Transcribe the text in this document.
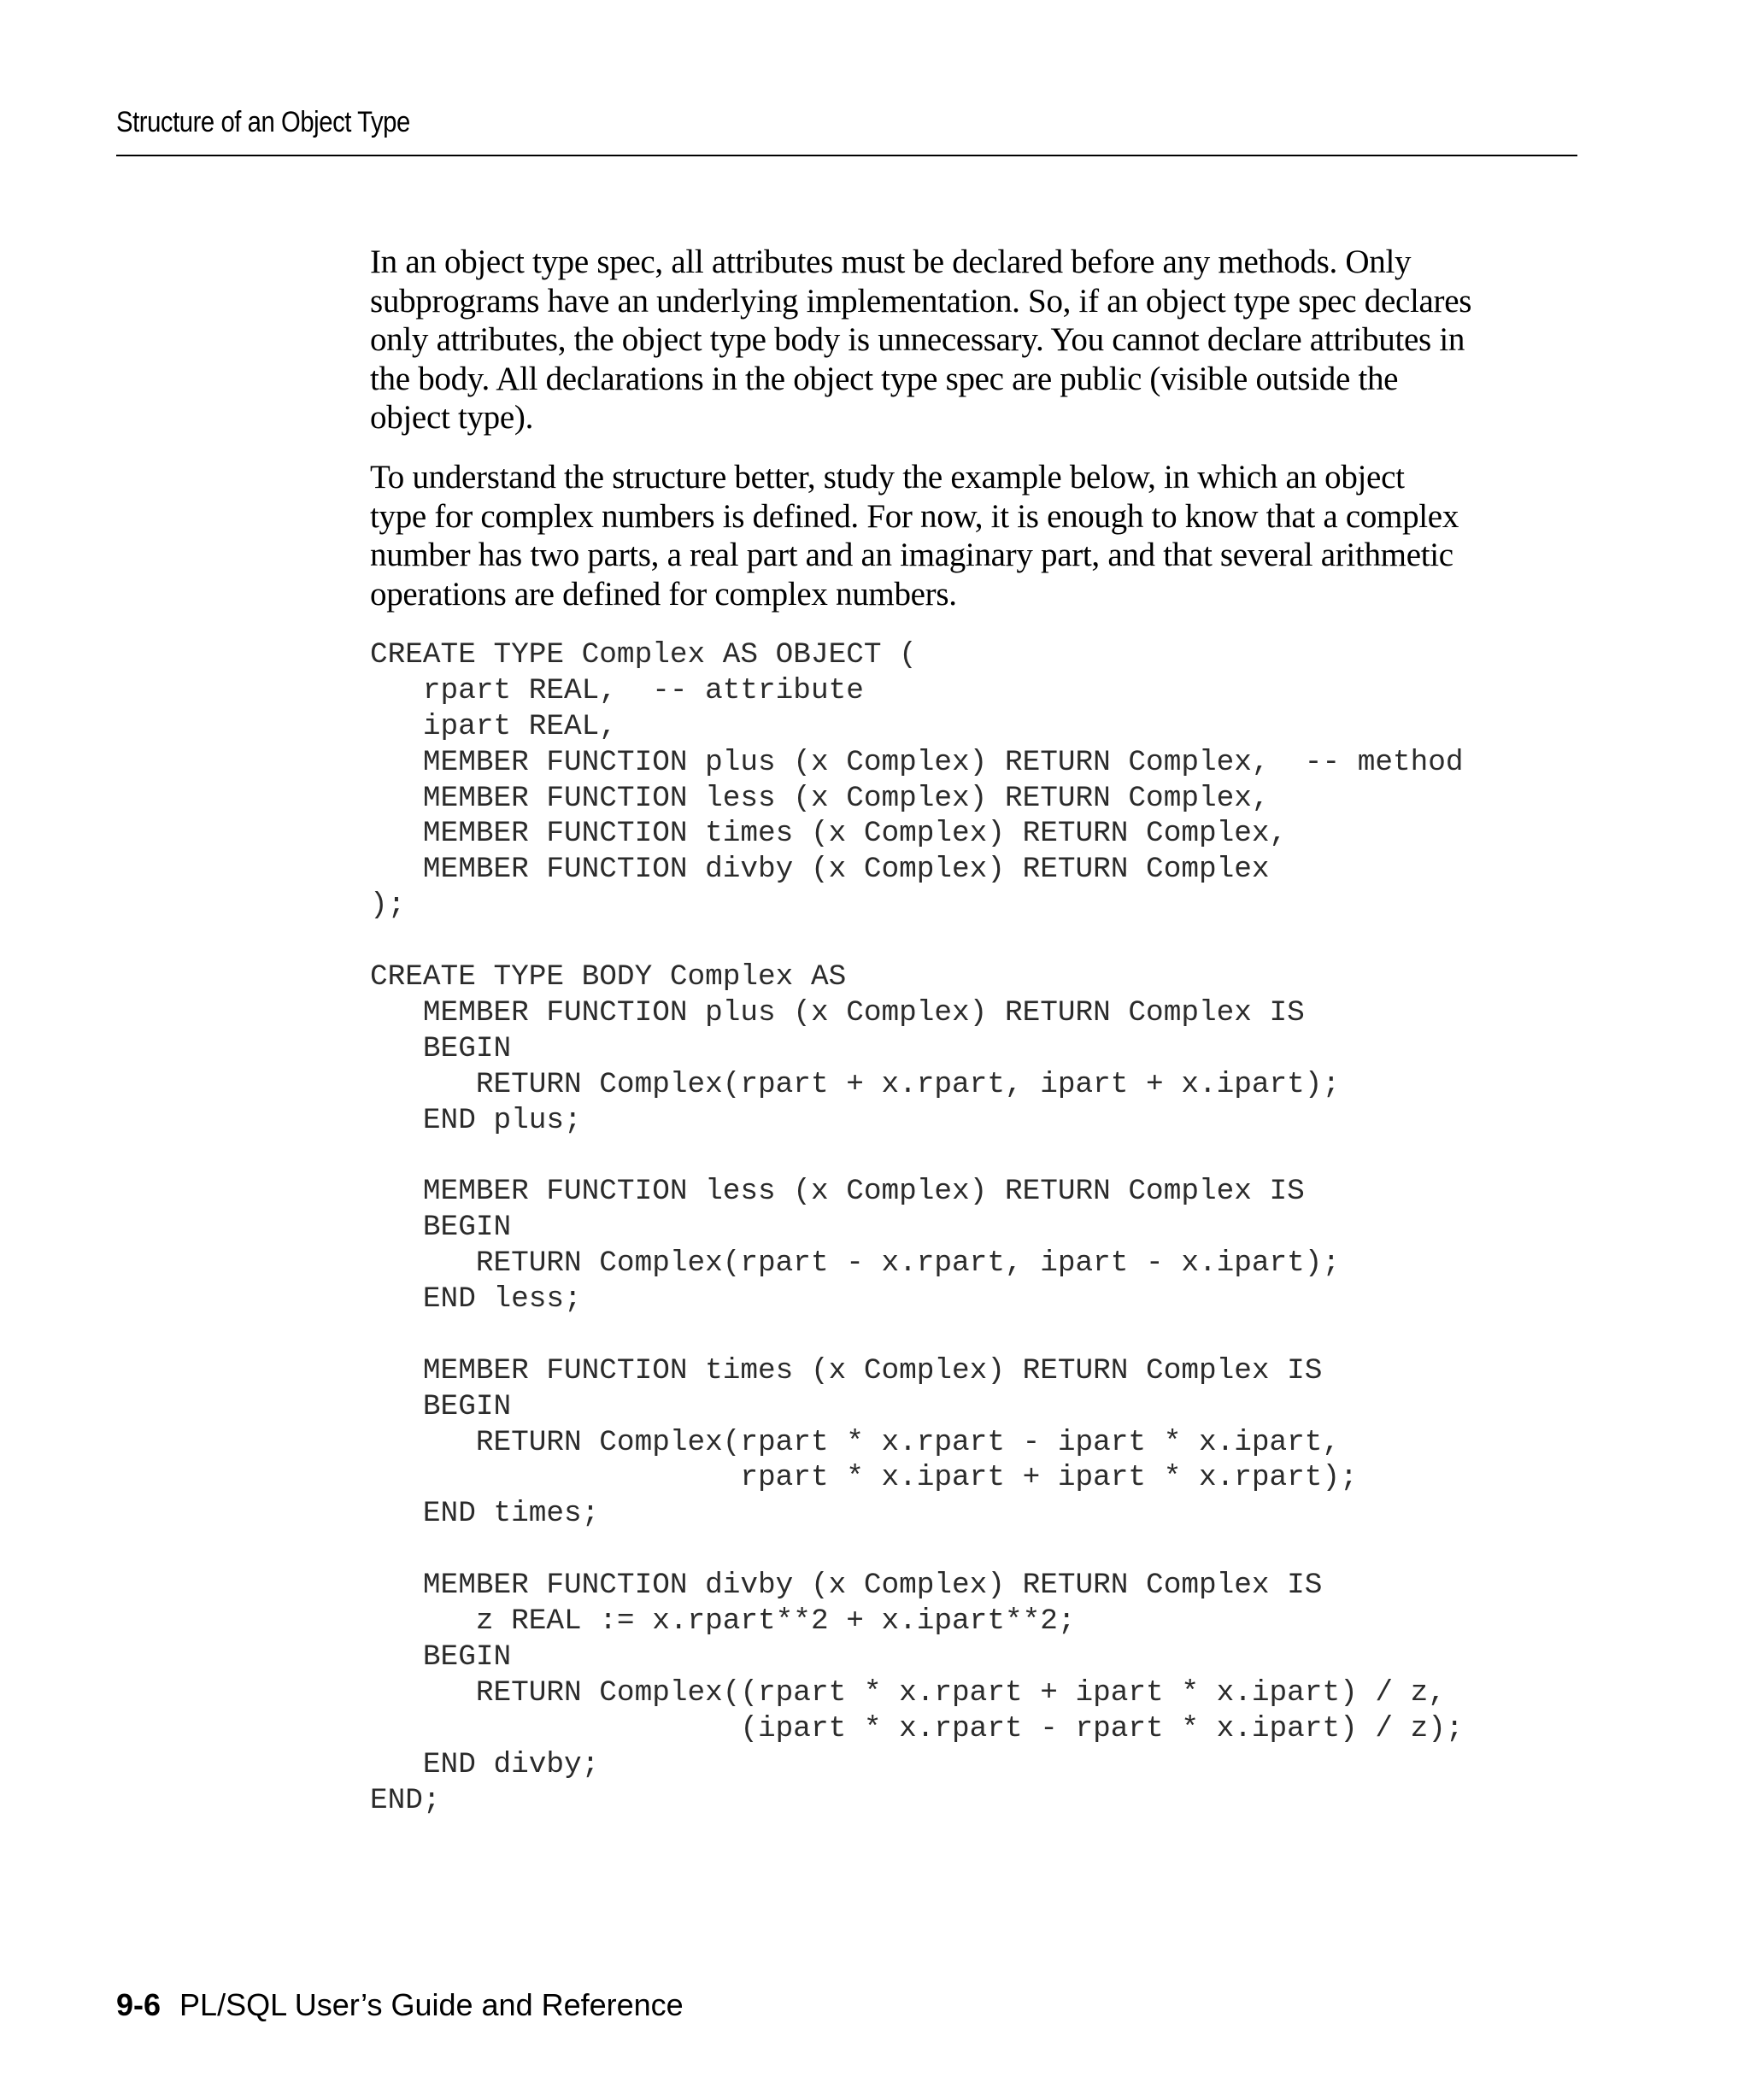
Structure of an Object Type

In an object type spec, all attributes must be declared before any methods. Only
subprograms have an underlying implementation. So, if an object type spec declares
only attributes, the object type body is unnecessary. You cannot declare attributes in
the body. All declarations in the object type spec are public (visible outside the
object type).

To understand the structure better, study the example below, in which an object
type for complex numbers is defined. For now, it is enough to know that a complex
number has two parts, a real part and an imaginary part, and that several arithmetic
operations are defined for complex numbers.

CREATE TYPE Complex AS OBJECT (
rpart REAL,  -- attribute
ipart REAL,
MEMBER FUNCTION plus (x Complex) RETURN Complex,  -- method
MEMBER FUNCTION less (x Complex) RETURN Complex,
MEMBER FUNCTION times (x Complex) RETURN Complex,
MEMBER FUNCTION divby (x Complex) RETURN Complex
);
CREATE TYPE BODY Complex AS
MEMBER FUNCTION plus (x Complex) RETURN Complex IS
BEGIN
RETURN Complex(rpart + x.rpart, ipart + x.ipart);
END plus;
MEMBER FUNCTION less (x Complex) RETURN Complex IS
BEGIN
RETURN Complex(rpart - x.rpart, ipart - x.ipart);
END less;
MEMBER FUNCTION times (x Complex) RETURN Complex IS
BEGIN
RETURN Complex(rpart * x.rpart - ipart * x.ipart,
rpart * x.ipart + ipart * x.rpart);
END times;
MEMBER FUNCTION divby (x Complex) RETURN Complex IS
z REAL := x.rpart**2 + x.ipart**2;
BEGIN
RETURN Complex((rpart * x.rpart + ipart * x.ipart) / z,
(ipart * x.rpart - rpart * x.ipart) / z);
END divby;
END;
9-6 PL/SQL User’s Guide and Reference
